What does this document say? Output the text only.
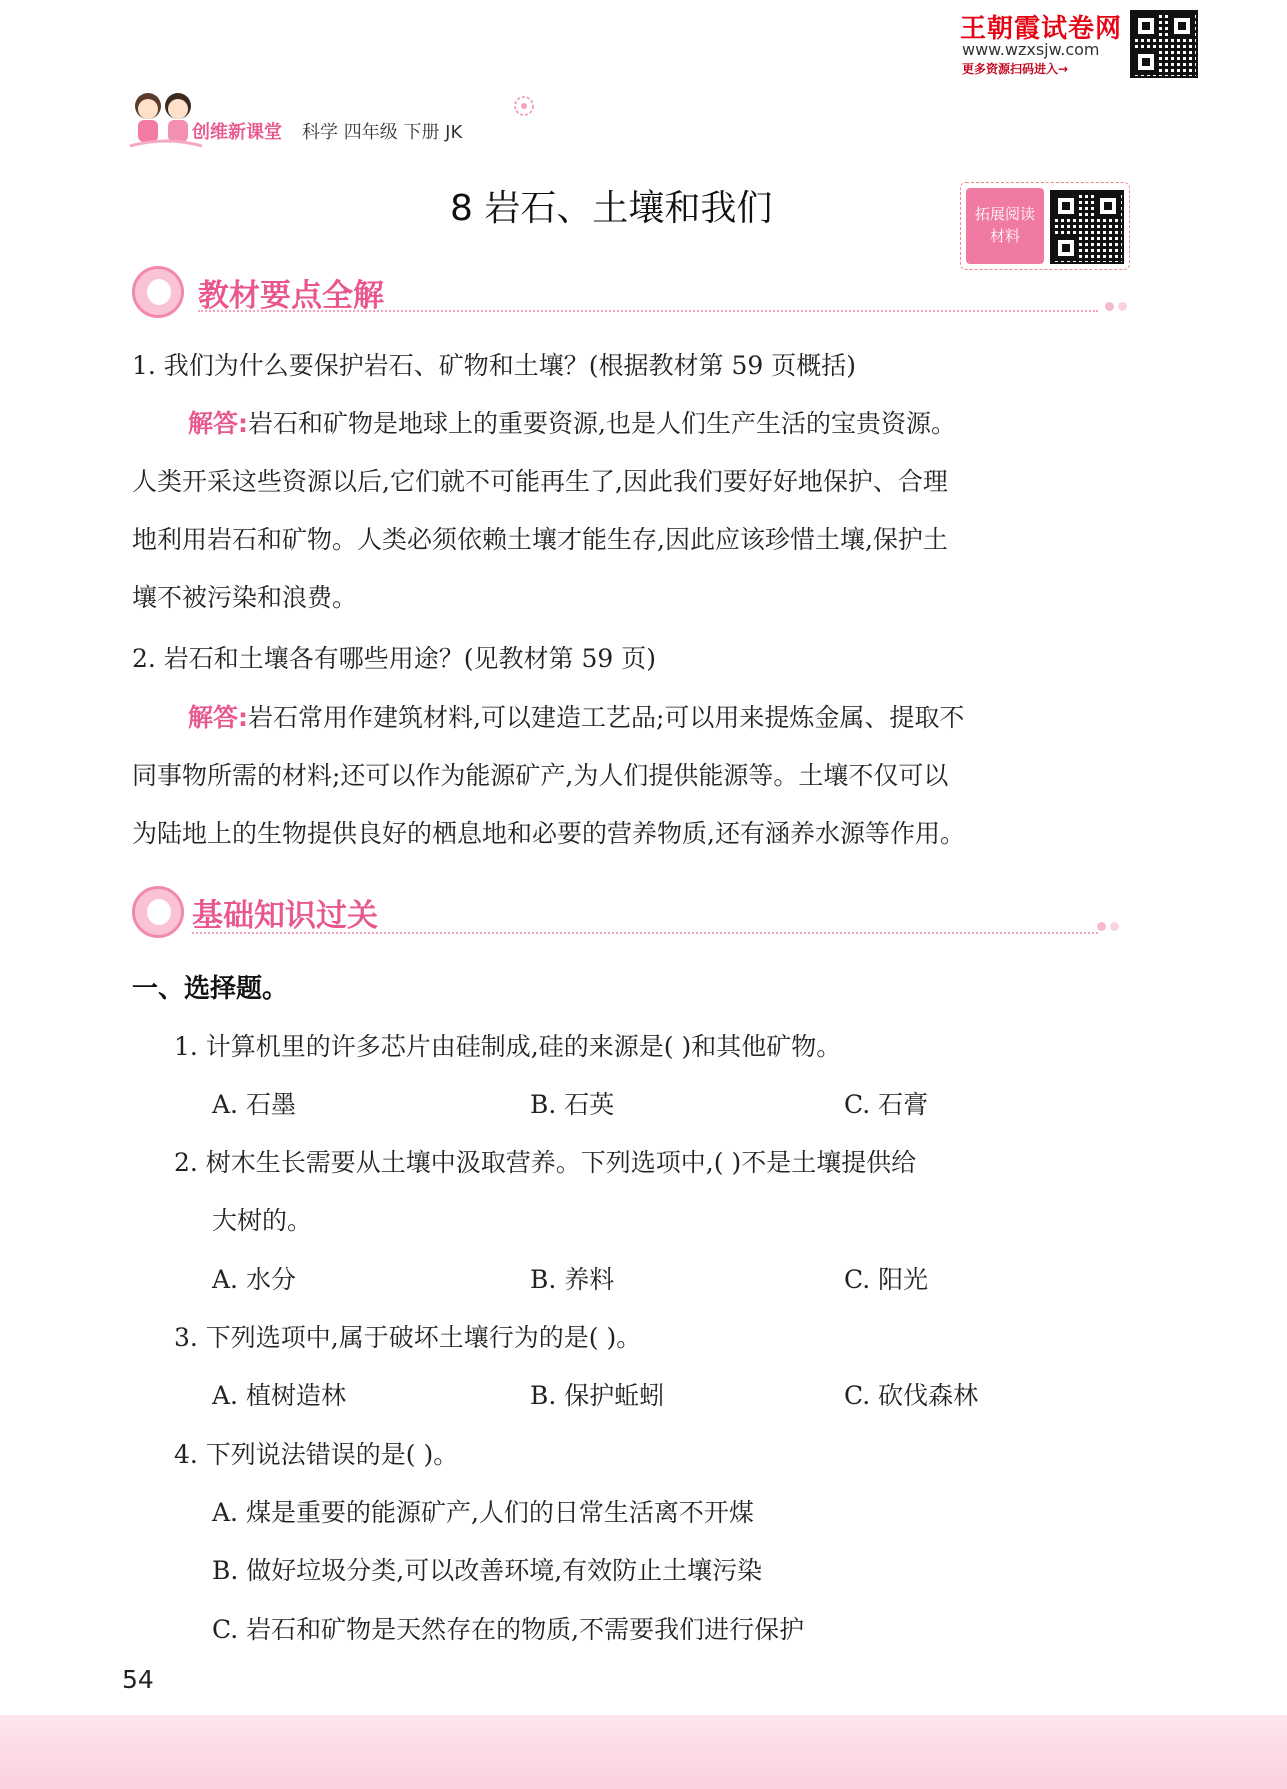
王朝霞试卷网
www.wzxsjw.com
更多资源扫码进入→
创维新课堂 科学 四年级 下册 JK
8 岩石、土壤和我们	拓展阅读
材料
教材要点全解
1. 我们为什么要保护岩石、矿物和土壤？(根据教材第 59 页概括)
解答:岩石和矿物是地球上的重要资源,也是人们生产生活的宝贵资源。
人类开采这些资源以后,它们就不可能再生了,因此我们要好好地保护、合理
地利用岩石和矿物。人类必须依赖土壤才能生存,因此应该珍惜土壤,保护土
壤不被污染和浪费。
2. 岩石和土壤各有哪些用途？(见教材第 59 页)
解答:岩石常用作建筑材料,可以建造工艺品;可以用来提炼金属、提取不
同事物所需的材料;还可以作为能源矿产,为人们提供能源等。土壤不仅可以
为陆地上的生物提供良好的栖息地和必要的营养物质,还有涵养水源等作用。
基础知识过关
一、选择题。
1. 计算机里的许多芯片由硅制成,硅的来源是( )和其他矿物。
A. 石墨	B. 石英	C. 石膏
2. 树木生长需要从土壤中汲取营养。下列选项中,( )不是土壤提供给
大树的。
A. 水分	B. 养料	C. 阳光
3. 下列选项中,属于破坏土壤行为的是( )。
A. 植树造林	B. 保护蚯蚓	C. 砍伐森林
4. 下列说法错误的是( )。
A. 煤是重要的能源矿产,人们的日常生活离不开煤
B. 做好垃圾分类,可以改善环境,有效防止土壤污染
C. 岩石和矿物是天然存在的物质,不需要我们进行保护
54
